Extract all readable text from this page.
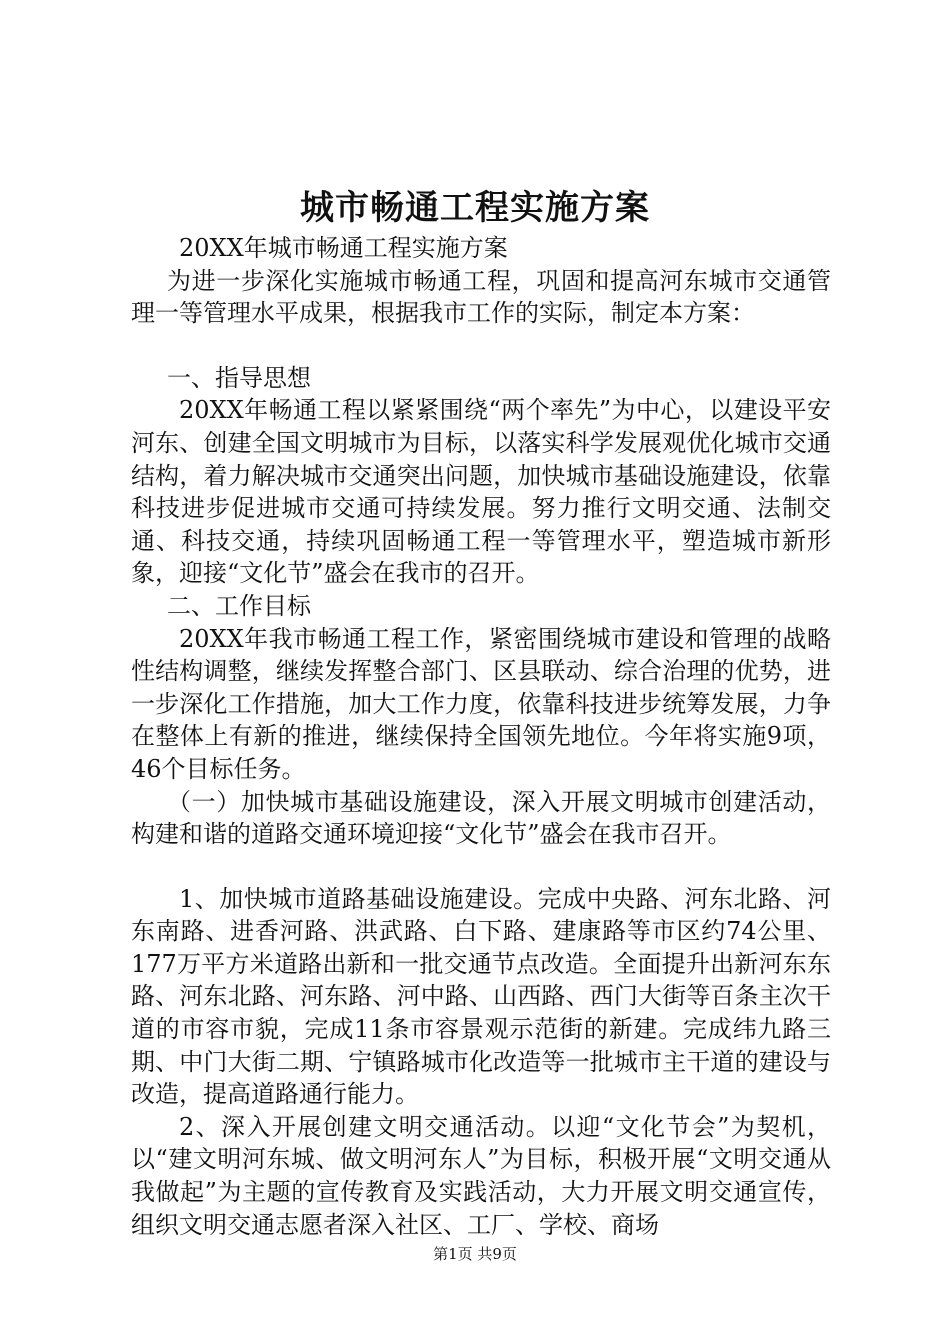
城市畅通工程实施方案

20XX年城市畅通工程实施方案

为进一步深化实施城市畅通工程，巩固和提高河东城市交通管理一等管理水平成果，根据我市工作的实际，制定本方案：

一、指导思想

20XX年畅通工程以紧紧围绕“两个率先”为中心，以建设平安河东、创建全国文明城市为目标，以落实科学发展观优化城市交通结构，着力解决城市交通突出问题，加快城市基础设施建设，依靠科技进步促进城市交通可持续发展。努力推行文明交通、法制交通、科技交通，持续巩固畅通工程一等管理水平，塑造城市新形象，迎接“文化节”盛会在我市的召开。

二、工作目标

20XX年我市畅通工程工作，紧密围绕城市建设和管理的战略性结构调整，继续发挥整合部门、区县联动、综合治理的优势，进一步深化工作措施，加大工作力度，依靠科技进步统筹发展，力争在整体上有新的推进，继续保持全国领先地位。今年将实施9项，46个目标任务。

（一）加快城市基础设施建设，深入开展文明城市创建活动，构建和谐的道路交通环境迎接“文化节”盛会在我市召开。

1、加快城市道路基础设施建设。完成中央路、河东北路、河东南路、进香河路、洪武路、白下路、建康路等市区约74公里、177万平方米道路出新和一批交通节点改造。全面提升出新河东东路、河东北路、河东路、河中路、山西路、西门大街等百条主次干道的市容市貌，完成11条市容景观示范街的新建。完成纬九路三期、中门大街二期、宁镇路城市化改造等一批城市主干道的建设与改造，提高道路通行能力。

2、深入开展创建文明交通活动。以迎“文化节会”为契机，以“建文明河东城、做文明河东人”为目标，积极开展“文明交通从我做起”为主题的宣传教育及实践活动，大力开展文明交通宣传，组织文明交通志愿者深入社区、工厂、学校、商场

第1页 共9页
